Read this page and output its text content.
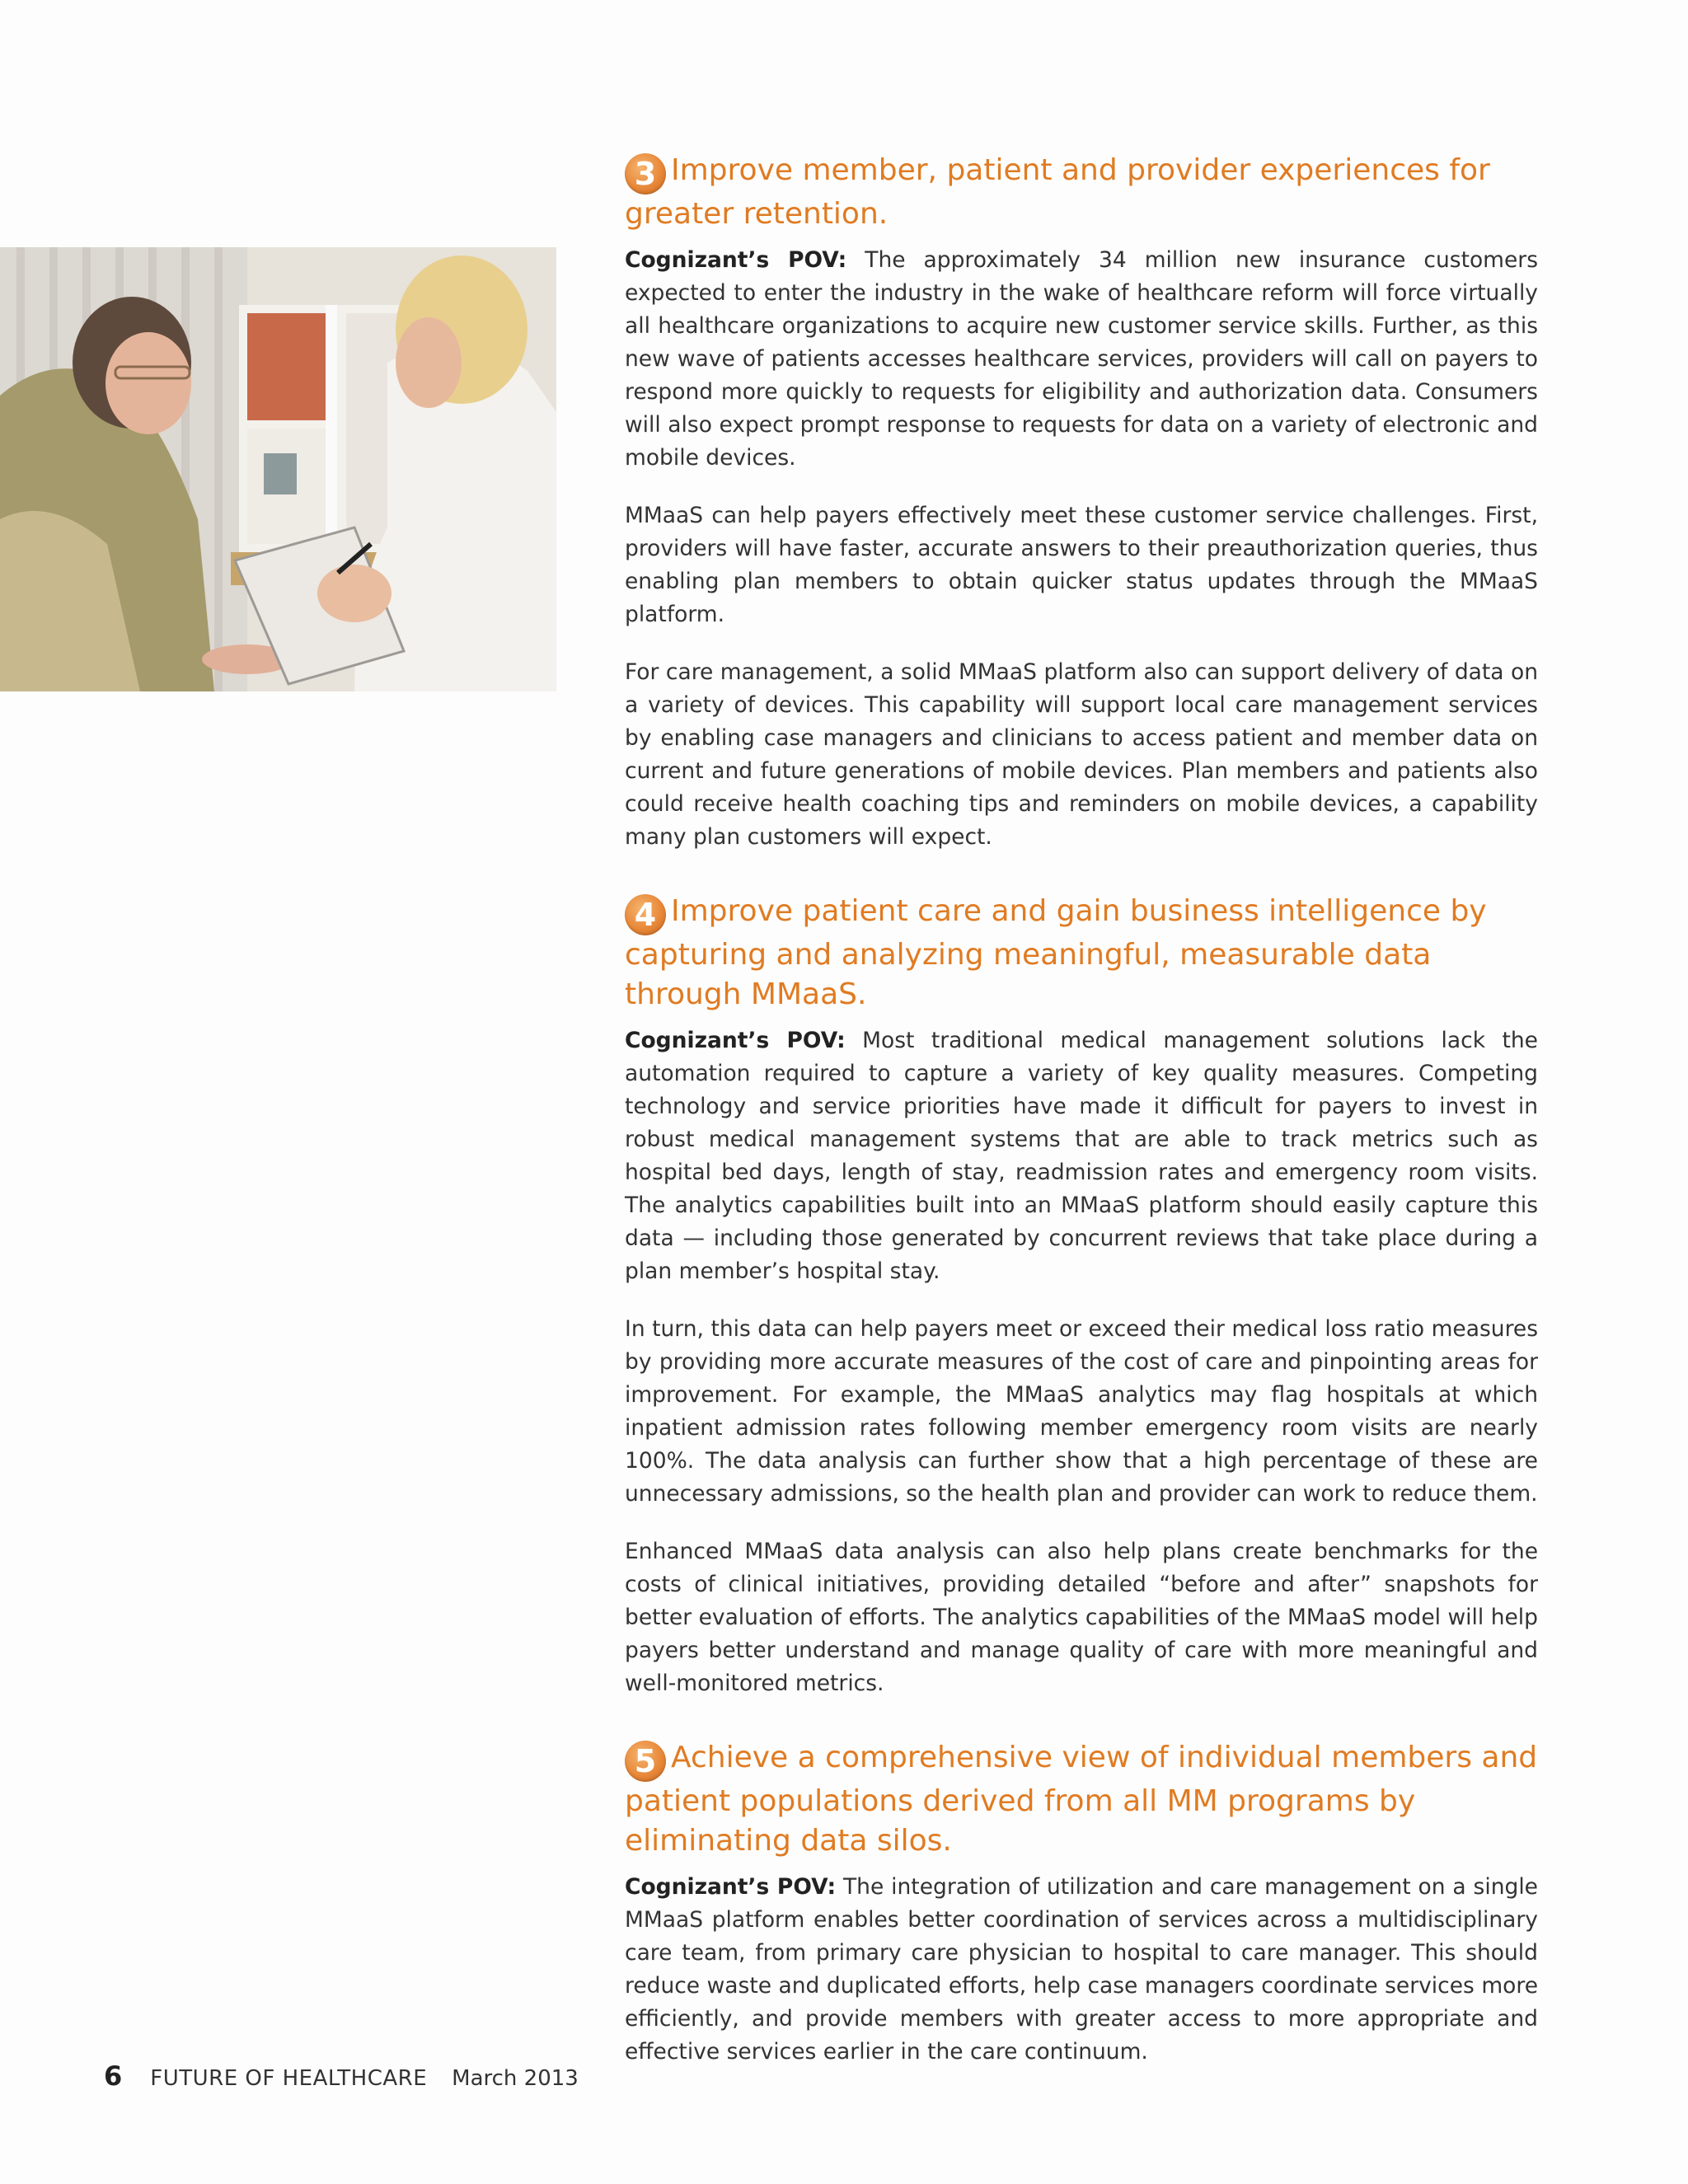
3 Improve member, patient and provider experiences for greater retention.

Cognizant’s POV: The approximately 34 million new insurance customers expected to enter the industry in the wake of healthcare reform will force virtually all healthcare organizations to acquire new customer service skills. Further, as this new wave of patients accesses healthcare services, providers will call on payers to respond more quickly to requests for eligibility and authorization data. Consumers will also expect prompt response to requests for data on a variety of electronic and mobile devices.

MMaaS can help payers effectively meet these customer service challenges. First, providers will have faster, accurate answers to their preauthorization queries, thus enabling plan members to obtain quicker status updates through the MMaaS platform.

For care management, a solid MMaaS platform also can support delivery of data on a variety of devices. This capability will support local care management services by enabling case managers and clinicians to access patient and member data on current and future generations of mobile devices. Plan members and patients also could receive health coaching tips and reminders on mobile devices, a capability many plan customers will expect.

4 Improve patient care and gain business intelligence by capturing and analyzing meaningful, measurable data through MMaaS.

Cognizant’s POV: Most traditional medical management solutions lack the automation required to capture a variety of key quality measures. Competing technology and service priorities have made it difficult for payers to invest in robust medical management systems that are able to track metrics such as hospital bed days, length of stay, readmission rates and emergency room visits. The analytics capabilities built into an MMaaS platform should easily capture this data — including those generated by concurrent reviews that take place during a plan member’s hospital stay.

In turn, this data can help payers meet or exceed their medical loss ratio measures by providing more accurate measures of the cost of care and pinpointing areas for improvement. For example, the MMaaS analytics may flag hospitals at which inpatient admission rates following member emergency room visits are nearly 100%. The data analysis can further show that a high percentage of these are unnecessary admissions, so the health plan and provider can work to reduce them.

Enhanced MMaaS data analysis can also help plans create benchmarks for the costs of clinical initiatives, providing detailed “before and after” snapshots for better evaluation of efforts. The analytics capabilities of the MMaaS model will help payers better understand and manage quality of care with more meaningful and well-monitored metrics.

5 Achieve a comprehensive view of individual members and patient populations derived from all MM programs by eliminating data silos.

Cognizant’s POV: The integration of utilization and care management on a single MMaaS platform enables better coordination of services across a multidisciplinary care team, from primary care physician to hospital to care manager. This should reduce waste and duplicated efforts, help case managers coordinate services more efficiently, and provide members with greater access to more appropriate and effective services earlier in the care continuum.

6 FUTURE OF HEALTHCARE March 2013
